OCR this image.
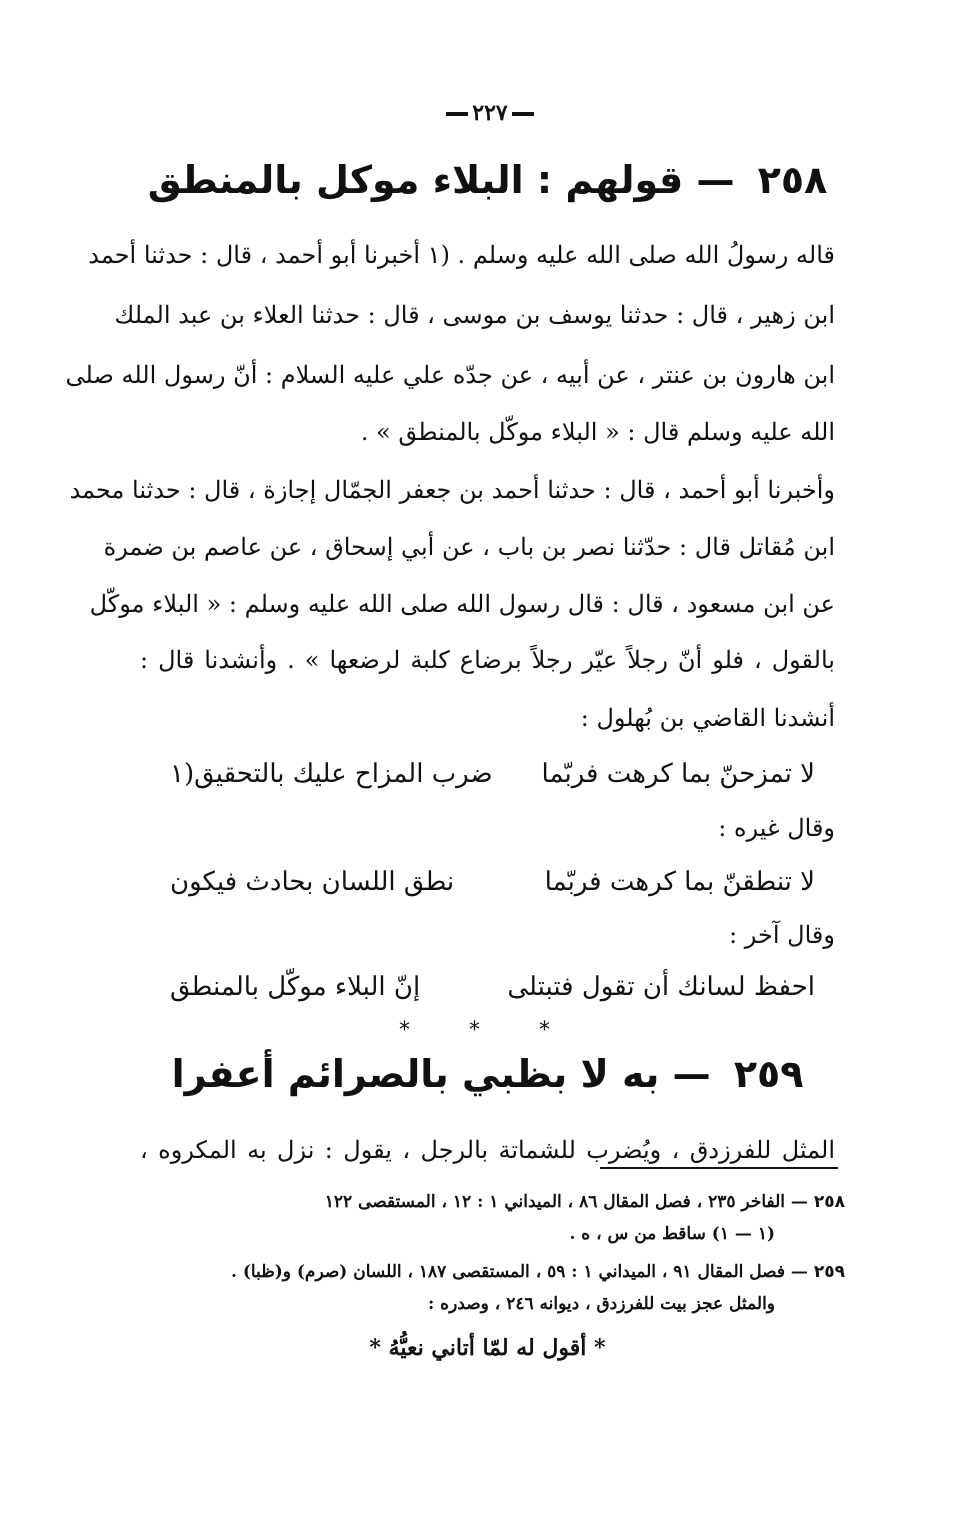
٢٢٧
٢٥٨ — قولهم : البلاء موكل بالمنطق
قاله رسولُ الله صلى الله عليه وسلم . (١ أخبرنا أبو أحمد ، قال : حدثنا أحمد
ابن زهير ، قال : حدثنا يوسف بن موسى ، قال : حدثنا العلاء بن عبد الملك
ابن هارون بن عنتر ، عن أبيه ، عن جدّه علي عليه السلام : أنّ رسول الله صلى
الله عليه وسلم قال : « البلاء موكّل بالمنطق » .
وأخبرنا أبو أحمد ، قال : حدثنا أحمد بن جعفر الجمّال إجازة ، قال : حدثنا محمد
ابن مُقاتل قال : حدّثنا نصر بن باب ، عن أبي إسحاق ، عن عاصم بن ضمرة
عن ابن مسعود ، قال : قال رسول الله صلى الله عليه وسلم : « البلاء موكّل
بالقول ، فلو أنّ رجلاً عيّر رجلاً برضاع كلبة لرضعها » . وأنشدنا قال :
أنشدنا القاضي بن بُهلول :
لا تمزحنّ بما كرهت فربّما
ضرب المزاح عليك بالتحقيق(١
وقال غيره :
لا تنطقنّ بما كرهت فربّما
نطق اللسان بحادث فيكون
وقال آخر :
احفظ لسانك أن تقول فتبتلى
إنّ البلاء موكّل بالمنطق
* * *
٢٥٩ — به لا بظبي بالصرائم أعفرا
المثل للفرزدق ، ويُضرب للشماتة بالرجل ، يقول : نزل به المكروه ،
٢٥٨ — الفاخر ٢٣٥ ، فصل المقال ٨٦ ، الميداني ١ : ١٢ ، المستقصى ١٢٢
(١ — ١) ساقط من س ، ه .
٢٥٩ — فصل المقال ٩١ ، الميداني ١ : ٥٩ ، المستقصى ١٨٧ ، اللسان (صرم) و(ظبا) .
والمثل عجز بيت للفرزدق ، ديوانه ٢٤٦ ، وصدره :
* أقول له لمّا أتاني نعيُّهُ *
